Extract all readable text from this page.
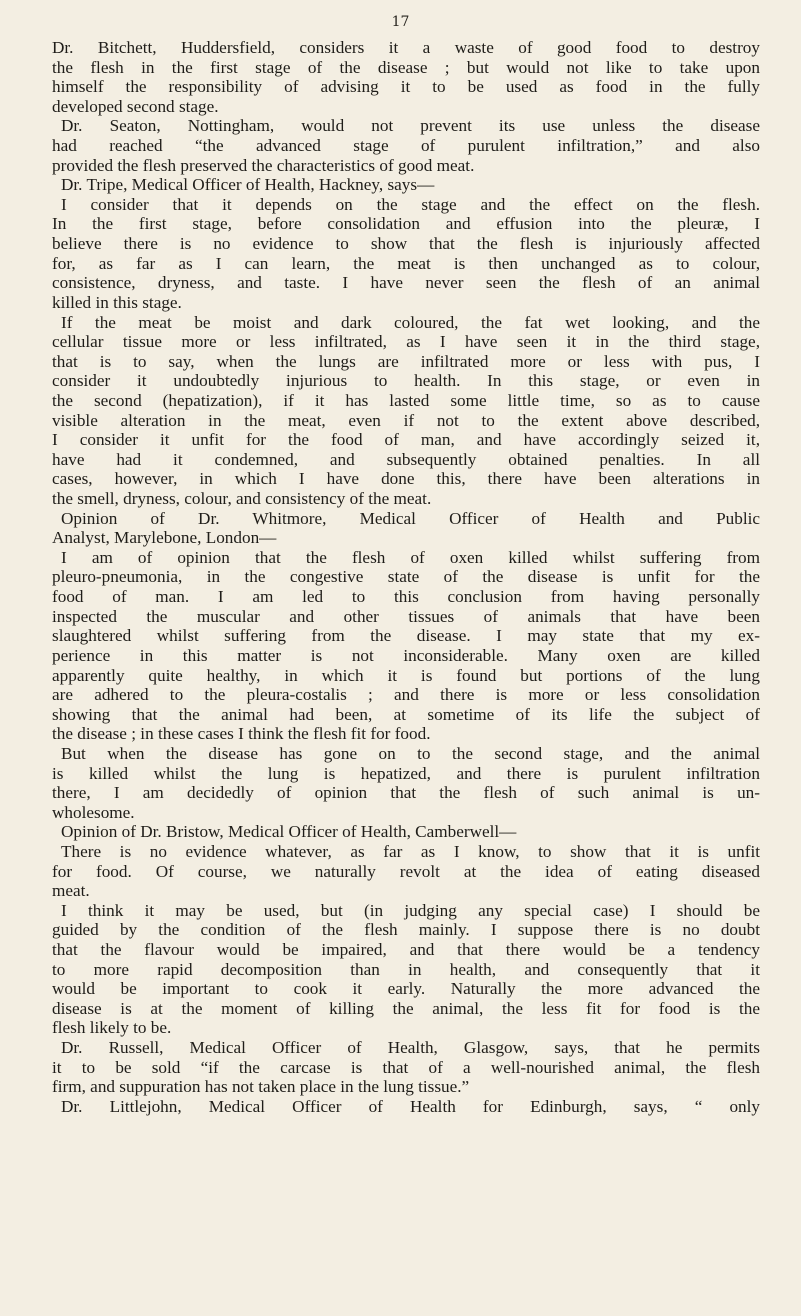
17
Dr. Bitchett, Huddersfield, considers it a waste of good food to destroy
the flesh in the first stage of the disease ; but would not like to take upon
himself the responsibility of advising it to be used as food in the fully
developed second stage.
Dr. Seaton, Nottingham, would not prevent its use unless the disease
had reached “the advanced stage of purulent infiltration,” and also
provided the flesh preserved the characteristics of good meat.
Dr. Tripe, Medical Officer of Health, Hackney, says—
I consider that it depends on the stage and the effect on the flesh.
In the first stage, before consolidation and effusion into the pleuræ, I
believe there is no evidence to show that the flesh is injuriously affected
for, as far as I can learn, the meat is then unchanged as to colour,
consistence, dryness, and taste. I have never seen the flesh of an animal
killed in this stage.
If the meat be moist and dark coloured, the fat wet looking, and the
cellular tissue more or less infiltrated, as I have seen it in the third stage,
that is to say, when the lungs are infiltrated more or less with pus, I
consider it undoubtedly injurious to health. In this stage, or even in
the second (hepatization), if it has lasted some little time, so as to cause
visible alteration in the meat, even if not to the extent above described,
I consider it unfit for the food of man, and have accordingly seized it,
have had it condemned, and subsequently obtained penalties. In all
cases, however, in which I have done this, there have been alterations in
the smell, dryness, colour, and consistency of the meat.
Opinion of Dr. Whitmore, Medical Officer of Health and Public
Analyst, Marylebone, London—
I am of opinion that the flesh of oxen killed whilst suffering from
pleuro-pneumonia, in the congestive state of the disease is unfit for the
food of man. I am led to this conclusion from having personally
inspected the muscular and other tissues of animals that have been
slaughtered whilst suffering from the disease. I may state that my ex-
perience in this matter is not inconsiderable. Many oxen are killed
apparently quite healthy, in which it is found but portions of the lung
are adhered to the pleura-costalis ; and there is more or less consolidation
showing that the animal had been, at sometime of its life the subject of
the disease ; in these cases I think the flesh fit for food.
But when the disease has gone on to the second stage, and the animal
is killed whilst the lung is hepatized, and there is purulent infiltration
there, I am decidedly of opinion that the flesh of such animal is un-
wholesome.
Opinion of Dr. Bristow, Medical Officer of Health, Camberwell—
There is no evidence whatever, as far as I know, to show that it is unfit
for food. Of course, we naturally revolt at the idea of eating diseased
meat.
I think it may be used, but (in judging any special case) I should be
guided by the condition of the flesh mainly. I suppose there is no doubt
that the flavour would be impaired, and that there would be a tendency
to more rapid decomposition than in health, and consequently that it
would be important to cook it early. Naturally the more advanced the
disease is at the moment of killing the animal, the less fit for food is the
flesh likely to be.
Dr. Russell, Medical Officer of Health, Glasgow, says, that he permits
it to be sold “if the carcase is that of a well-nourished animal, the flesh
firm, and suppuration has not taken place in the lung tissue.”
Dr. Littlejohn, Medical Officer of Health for Edinburgh, says, “ only
